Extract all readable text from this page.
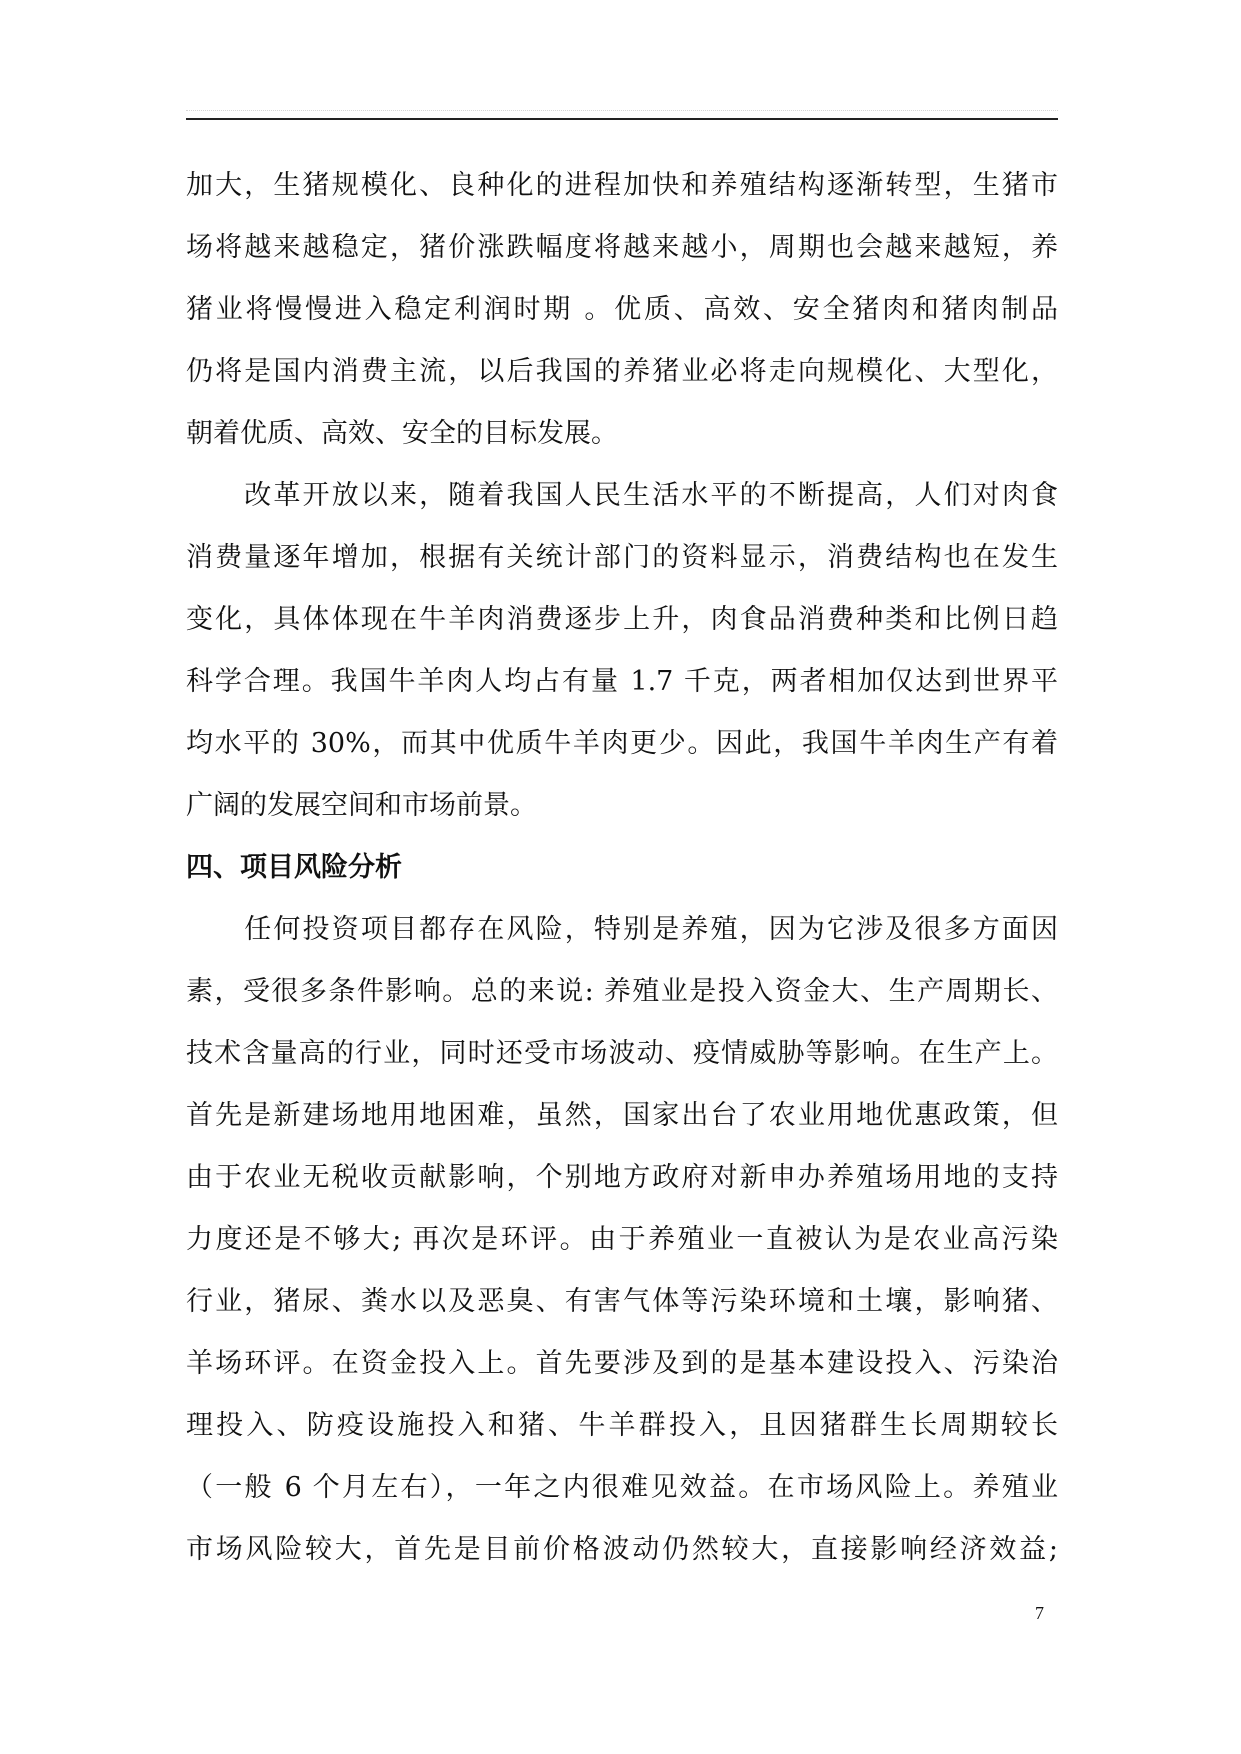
加大，生猪规模化、良种化的进程加快和养殖结构逐渐转型，生猪市
场将越来越稳定，猪价涨跌幅度将越来越小，周期也会越来越短，养
猪业将慢慢进入稳定利润时期 。优质、高效、安全猪肉和猪肉制品
仍将是国内消费主流，以后我国的养猪业必将走向规模化、大型化，
朝着优质、高效、安全的目标发展。
　　改革开放以来，随着我国人民生活水平的不断提高，人们对肉食
消费量逐年增加，根据有关统计部门的资料显示，消费结构也在发生
变化，具体体现在牛羊肉消费逐步上升，肉食品消费种类和比例日趋
科学合理。我国牛羊肉人均占有量 1.7 千克，两者相加仅达到世界平
均水平的 30%，而其中优质牛羊肉更少。因此，我国牛羊肉生产有着
广阔的发展空间和市场前景。
四、项目风险分析
　　任何投资项目都存在风险，特别是养殖，因为它涉及很多方面因
素，受很多条件影响。总的来说: 养殖业是投入资金大、生产周期长、
技术含量高的行业，同时还受市场波动、疫情威胁等影响。在生产上。
首先是新建场地用地困难，虽然，国家出台了农业用地优惠政策，但
由于农业无税收贡献影响，个别地方政府对新申办养殖场用地的支持
力度还是不够大; 再次是环评。由于养殖业一直被认为是农业高污染
行业，猪尿、粪水以及恶臭、有害气体等污染环境和土壤，影响猪、
羊场环评。在资金投入上。首先要涉及到的是基本建设投入、污染治
理投入、防疫设施投入和猪、牛羊群投入，且因猪群生长周期较长
（一般 6 个月左右），一年之内很难见效益。在市场风险上。养殖业
市场风险较大，首先是目前价格波动仍然较大，直接影响经济效益;
7
